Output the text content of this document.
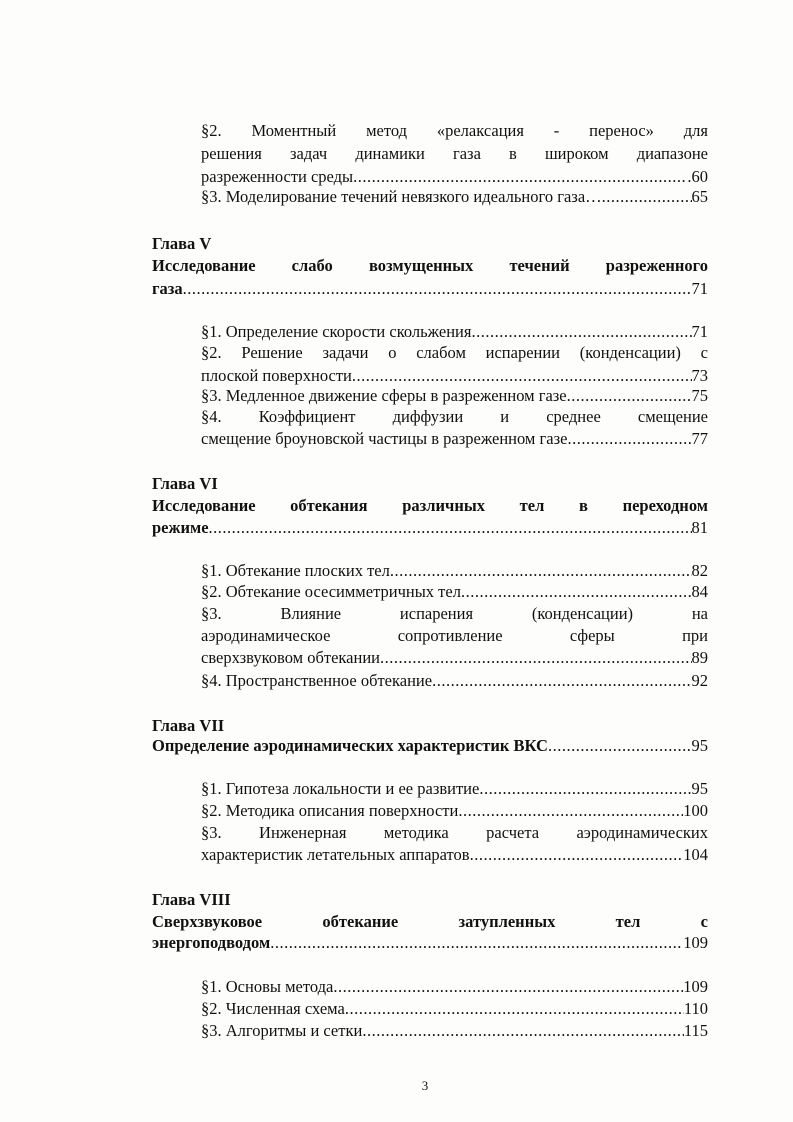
§2. Моментный метод «релаксация - перенос» для
решения задач динамики газа в широком диапазоне
разреженности среды .....	.60
§3. Моделирование течений невязкого идеального газа… .....	65
Глава V
Исследование слабо возмущенных течений разреженного
газа .....	71
§1. Определение скорости скольжения .....	71
§2. Решение задачи о слабом испарении (конденсации) с
плоской поверхности .....	73
§3. Медленное движение сферы в разреженном газе .....	75
§4. Коэффициент диффузии и среднее смещение
смещение броуновской частицы в разреженном газе .....	77
Глава VI
Исследование обтекания различных тел в переходном
режиме .....	81
§1. Обтекание плоских тел .....	82
§2. Обтекание осесимметричных тел .....	84
§3. Влияние испарения (конденсации) на
аэродинамическое сопротивление сферы при
сверхзвуковом обтекании .....	89
§4. Пространственное обтекание .....	92
Глава VII
Определение аэродинамических характеристик ВКС .....	95
§1. Гипотеза локальности и ее развитие .....	95
§2. Методика описания поверхности .....	100
§3. Инженерная методика расчета аэродинамических
характеристик летательных аппаратов .....	104
Глава VIII
Сверхзвуковое обтекание затупленных тел с
энергоподводом .....	109
§1. Основы метода .....	109
§2. Численная схема .....	110
§3. Алгоритмы и сетки .....	115
3
